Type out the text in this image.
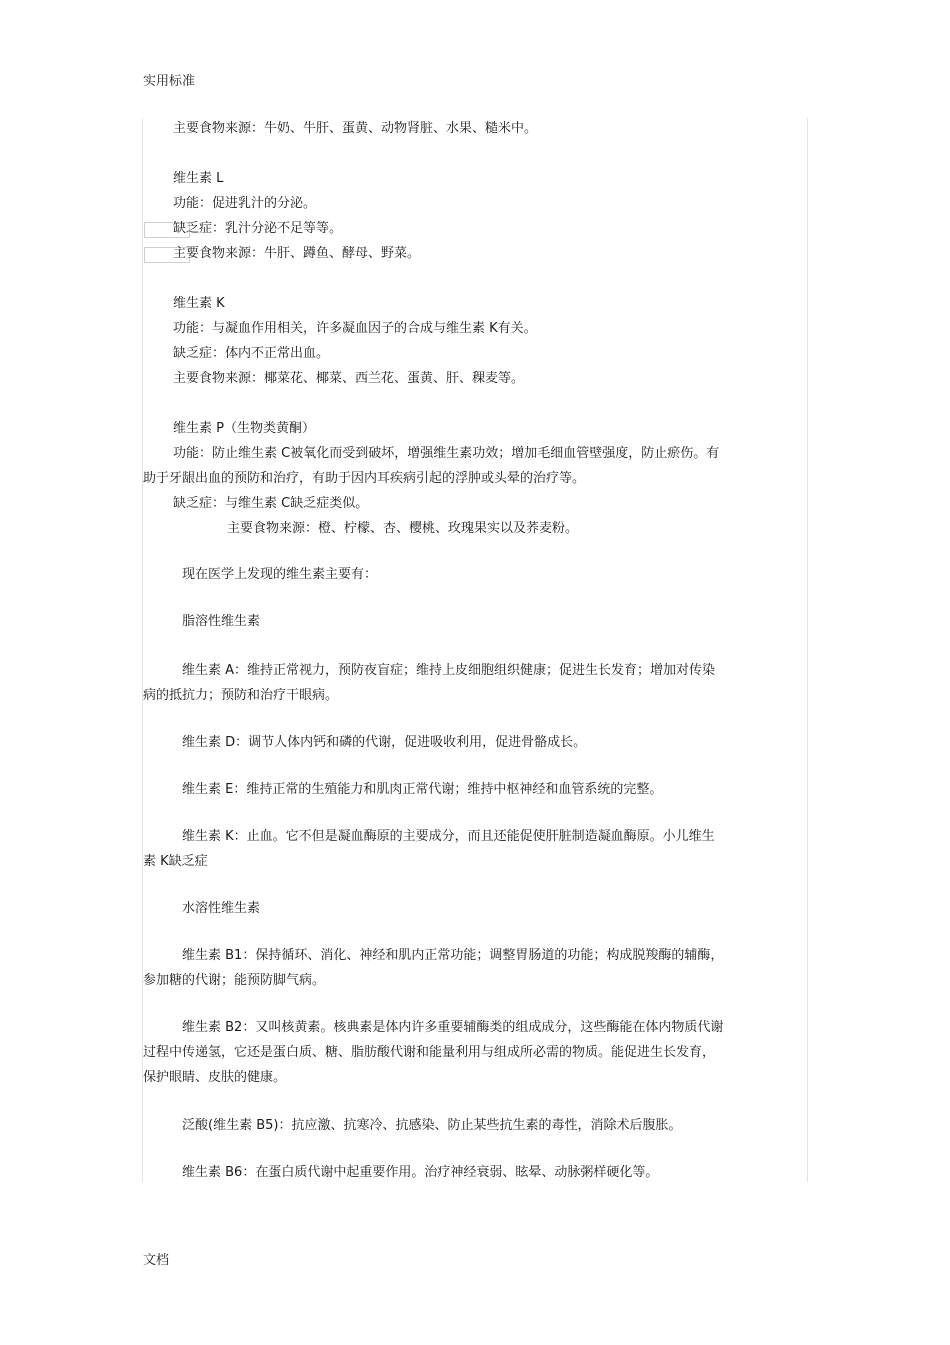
实用标准
主要食物来源：牛奶、牛肝、蛋黄、动物肾脏、水果、糙米中。
维生素 L
功能：促进乳汁的分泌。
缺乏症：乳汁分泌不足等等。
主要食物来源：牛肝、蹲鱼、酵母、野菜。
维生素 K
功能：与凝血作用相关，许多凝血因子的合成与维生素 K有关。
缺乏症：体内不正常出血。
主要食物来源：椰菜花、椰菜、西兰花、蛋黄、肝、稞麦等。
维生素 P（生物类黄酮）
功能：防止维生素 C被氧化而受到破坏，增强维生素功效；增加毛细血管壁强度，防止瘀伤。有
助于牙龈出血的预防和治疗，有助于因内耳疾病引起的浮肿或头晕的治疗等。
缺乏症：与维生素 C缺乏症类似。
主要食物来源：橙、柠檬、杏、樱桃、玫瑰果实以及荞麦粉。
现在医学上发现的维生素主要有：
脂溶性维生素
维生素 A：维持正常视力，预防夜盲症；维持上皮细胞组织健康；促进生长发育；增加对传染
病的抵抗力；预防和治疗干眼病。
维生素 D：调节人体内钙和磷的代谢，促进吸收利用，促进骨骼成长。
维生素 E：维持正常的生殖能力和肌肉正常代谢；维持中枢神经和血管系统的完整。
维生素 K：止血。它不但是凝血酶原的主要成分，而且还能促使肝脏制造凝血酶原。小儿维生
素 K缺乏症
水溶性维生素
维生素 B1：保持循环、消化、神经和肌内正常功能；调整胃肠道的功能；构成脱羧酶的辅酶，
参加糖的代谢；能预防脚气病。
维生素 B2：又叫核黄素。核典素是体内许多重要辅酶类的组成成分，这些酶能在体内物质代谢
过程中传递氢，它还是蛋白质、糖、脂肪酸代谢和能量利用与组成所必需的物质。能促进生长发育，
保护眼睛、皮肤的健康。
泛酸(维生素 B5)：抗应激、抗寒冷、抗感染、防止某些抗生素的毒性，消除术后腹胀。
维生素 B6：在蛋白质代谢中起重要作用。治疗神经衰弱、眩晕、动脉粥样硬化等。
文档
